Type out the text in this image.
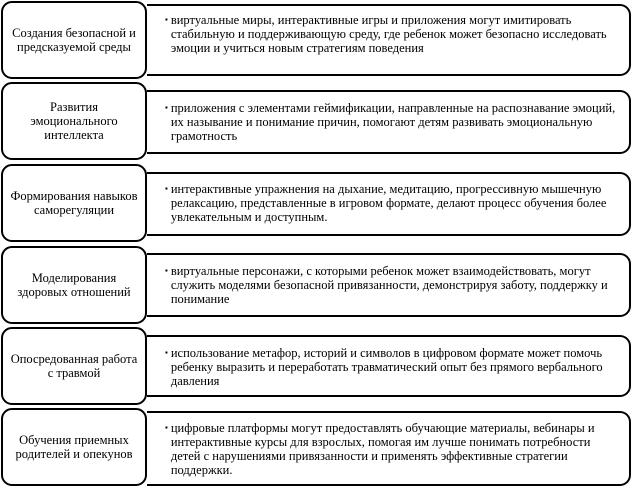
Создания безопасной и предсказуемой среды
▪ виртуальные миры, интерактивные игры и приложения могут имитировать стабильную и поддерживающую среду, где ребенок может безопасно исследовать эмоции и учиться новым стратегиям поведения
Развития эмоционального интеллекта
▪ приложения с элементами геймификации, направленные на распознавание эмоций, их называние и понимание причин, помогают детям развивать эмоциональную грамотность
Формирования навыков саморегуляции
▪ интерактивные упражнения на дыхание, медитацию, прогрессивную мышечную релаксацию, представленные в игровом формате, делают процесс обучения более увлекательным и доступным.
Моделирования здоровых отношений
▪ виртуальные персонажи, с которыми ребенок может взаимодействовать, могут служить моделями безопасной привязанности, демонстрируя заботу, поддержку и понимание
Опосредованная работа с травмой
▪ использование метафор, историй и символов в цифровом формате может помочь ребенку выразить и переработать травматический опыт без прямого вербального давления
Обучения приемных родителей и опекунов
▪ цифровые платформы могут предоставлять обучающие материалы, вебинары и интерактивные курсы для взрослых, помогая им лучше понимать потребности детей с нарушениями привязанности и применять эффективные стратегии поддержки.
